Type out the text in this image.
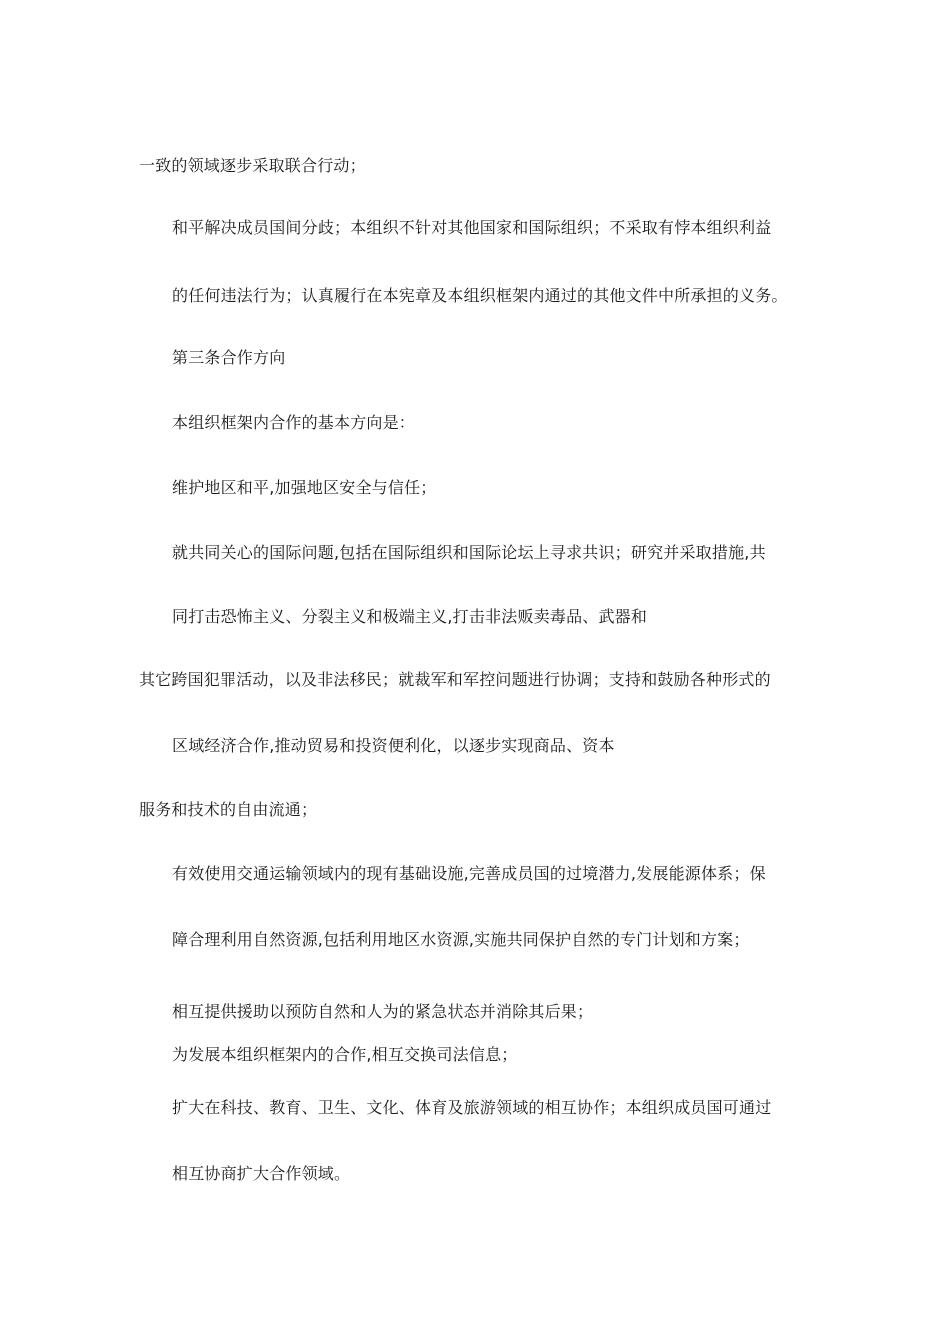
一致的领域逐步采取联合行动；
和平解决成员国间分歧；本组织不针对其他国家和国际组织；不采取有悖本组织利益
的任何违法行为；认真履行在本宪章及本组织框架内通过的其他文件中所承担的义务。
第三条合作方向
本组织框架内合作的基本方向是：
维护地区和平,加强地区安全与信任；
就共同关心的国际问题,包括在国际组织和国际论坛上寻求共识；研究并采取措施,共
同打击恐怖主义、分裂主义和极端主义,打击非法贩卖毒品、武器和
其它跨国犯罪活动，以及非法移民；就裁军和军控问题进行协调；支持和鼓励各种形式的
区域经济合作,推动贸易和投资便利化，以逐步实现商品、资本
服务和技术的自由流通；
有效使用交通运输领域内的现有基础设施,完善成员国的过境潜力,发展能源体系；保
障合理利用自然资源,包括利用地区水资源,实施共同保护自然的专门计划和方案；
相互提供援助以预防自然和人为的紧急状态并消除其后果；
为发展本组织框架内的合作,相互交换司法信息；
扩大在科技、教育、卫生、文化、体育及旅游领域的相互协作；本组织成员国可通过
相互协商扩大合作领域。
